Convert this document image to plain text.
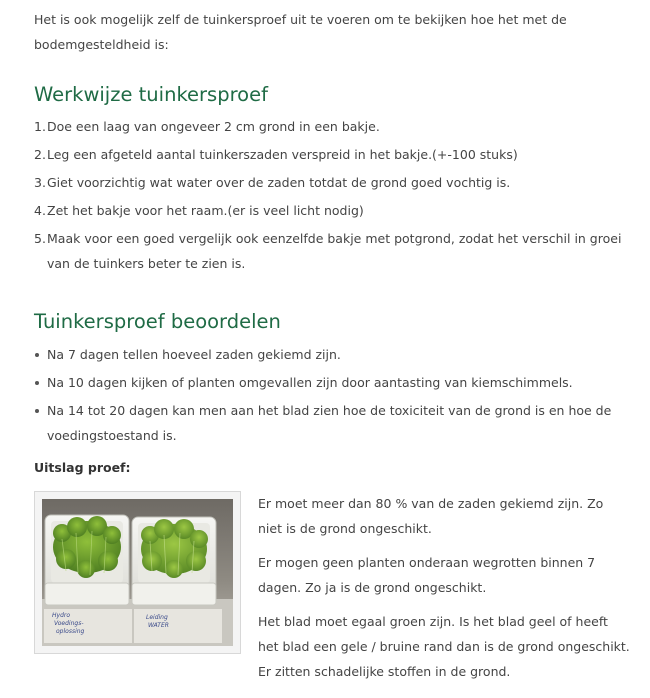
Het is ook mogelijk zelf de tuinkersproef uit te voeren om te bekijken hoe het met de bodemgesteldheid is:

Werkwijze tuinkersproef
1. Doe een laag van ongeveer 2 cm grond in een bakje.
2. Leg een afgeteld aantal tuinkerszaden verspreid in het bakje.(+-100 stuks)
3. Giet voorzichtig wat water over de zaden totdat de grond goed vochtig is.
4. Zet het bakje voor het raam.(er is veel licht nodig)
5. Maak voor een goed vergelijk ook eenzelfde bakje met potgrond, zodat het verschil in groei van de tuinkers beter te zien is.
Tuinkersproef beoordelen
Na 7 dagen tellen hoeveel zaden gekiemd zijn.
Na 10 dagen kijken of planten omgevallen zijn door aantasting van kiemschimmels.
Na 14 tot 20 dagen kan men aan het blad zien hoe de toxiciteit van de grond is en hoe de voedingstoestand is.

Uitslag proef:

Hydro
Voedings-
oplossing
Leiding
WATER

Er moet meer dan 80 % van de zaden gekiemd zijn. Zo niet is de grond ongeschikt.

Er mogen geen planten onderaan wegrotten binnen 7 dagen. Zo ja is de grond ongeschikt.

Het blad moet egaal groen zijn. Is het blad geel of heeft het blad een gele / bruine rand dan is de grond ongeschikt. Er zitten schadelijke stoffen in de grond.
